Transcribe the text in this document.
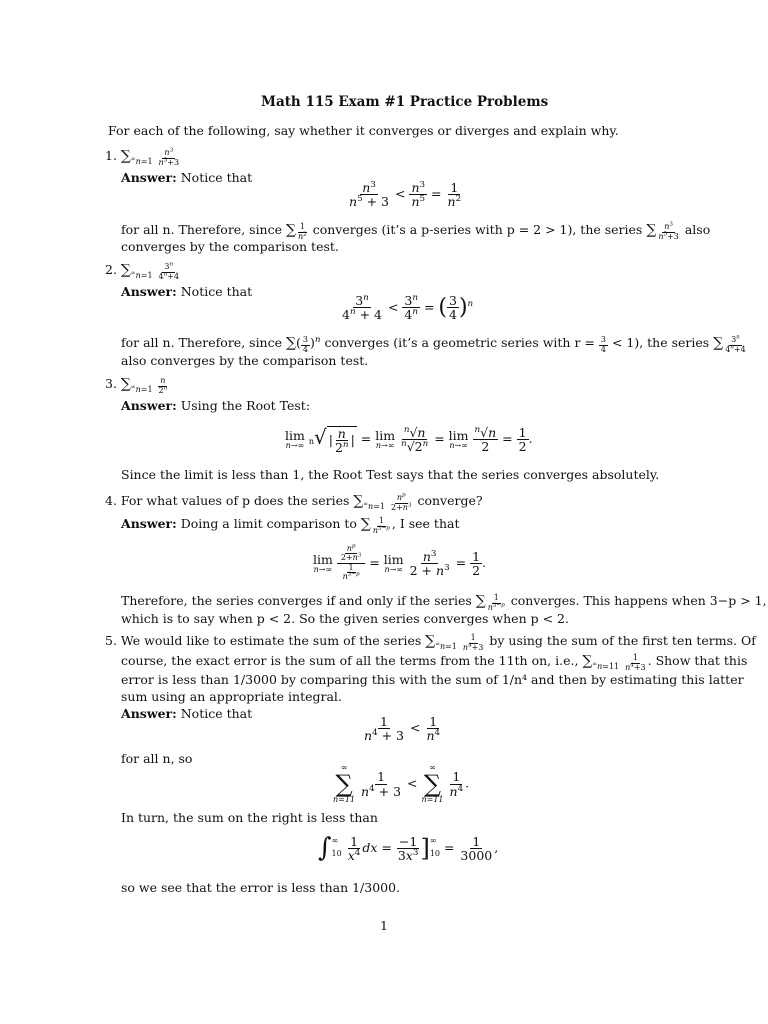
Math 115 Exam #1 Practice Problems
For each of the following, say whether it converges or diverges and explain why.
1. $\sum_{^\infty n=1} \frac{n^3}{n^5+3}$
Answer: Notice that
$\frac{n^3}{n^5 + 3} < \frac{n^3}{n^5} = \frac{1}{n^2}$
for all n. Therefore, since ∑ $\frac{1}{n^2}$ converges (it’s a p-series with p = 2 > 1), the series ∑ $\frac{n^3}{n^5+3}$ also
converges by the comparison test.
2. $\sum_{^\infty n=1} \frac{3^n}{4^n+4}$
Answer: Notice that
$\frac{3^n}{4^n + 4} < \frac{3^n}{4^n}$ = ( $\frac{3}{4} )^n$
for all n. Therefore, since ∑( $\frac{3}{4} )^n$ converges (it’s a geometric series with $r = \frac{3}{4} < 1$), the series ∑ $\frac{3^n}{4^n+4}$
also converges by the comparison test.
3. $\sum_{^\infty n=1} \frac{n}{2^n}$
Answer: Using the Root Test:
lim
n→∞ n√ | $\frac{n}{2^n}$ | = lim
n→∞
$\frac{^n√n}{^n√2^n} = \lim$
n→∞
$\frac{^n√n}{2} = \frac{1}{2}$ .
Since the limit is less than 1, the Root Test says that the series converges absolutely.
4. For what values of p does the series $\sum_{^\infty n=1} \frac{n^p}{2+n^3}$ converge?
Answer: Doing a limit comparison to ∑ $\frac{1}{n^{3-p}}$ , I see that
lim
n→∞
$\frac{\frac{n^p}{2+n^3}}{\frac{1}{n^{3-p}}} = \lim$
n→∞
$\frac{n^3}{2 + n^3} = \frac{1}{2}$ .
Therefore, the series converges if and only if the series ∑ $\frac{1}{n^{3-p}}$ converges. This happens when 3−p > 1,
which is to say when p < 2. So the given series converges when p < 2.
5. We would like to estimate the sum of the series $\sum_{^\infty n=1} \frac{1}{n^4+3}$ by using the sum of the first ten terms. Of
course, the exact error is the sum of all the terms from the 11th on, i.e., $\sum_{^\infty n=11} \frac{1}{n^4+3}$ . Show that this
error is less than 1/3000 by comparing this with the sum of 1/n⁴ and then by estimating this latter
sum using an appropriate integral.
Answer: Notice that
$\frac{1}{n^4 + 3} < \frac{1}{n^4}$
for all n, so
∞
∑
n=11

$\frac{1}{n^4 + 3}$ <
∞
∑
n=11

$\frac{1}{n^4}$ .
In turn, the sum on the right is less than
∫ ∞
10
$\frac{1}{x^4}$ dx = $\frac{-1}{3x^3}$ ] ∞
$10 = \frac{1}{3000}$ ,
so we see that the error is less than 1/3000.
1
